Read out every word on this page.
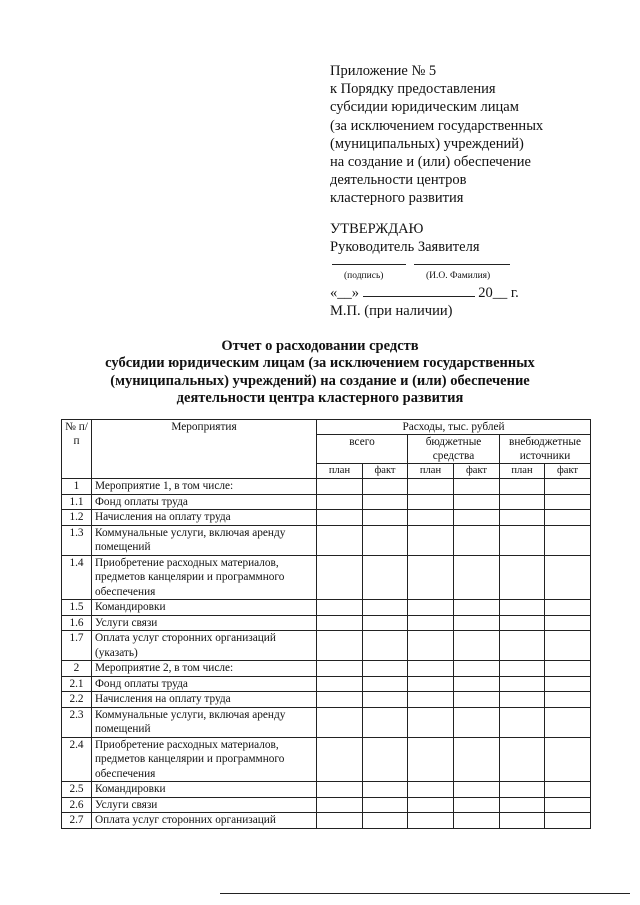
Приложение № 5
к Порядку предоставления
субсидии юридическим лицам
(за исключением государственных
(муниципальных) учреждений)
на создание и (или) обеспечение
деятельности центров
кластерного развития
УТВЕРЖДАЮ
Руководитель Заявителя
(подпись)	(И.О. Фамилия)
«__»	20__ г.
М.П. (при наличии)
Отчет о расходовании средств
субсидии юридическим лицам (за исключением государственных
(муниципальных) учреждений) на создание и (или) обеспечение
деятельности центра кластерного развития
№ п/п	Мероприятия	Расходы, тыс. рублей					
		всего		бюджетные средства		внебюджетные источники	
		план	факт	план	факт	план	факт
1	Мероприятие 1, в том числе:						
1.1	Фонд оплаты труда						
1.2	Начисления на оплату труда						
1.3	Коммунальные услуги, включая аренду помещений						
1.4	Приобретение расходных материалов, предметов канцелярии и программного обеспечения						
1.5	Командировки						
1.6	Услуги связи						
1.7	Оплата услуг сторонних организаций (указать)						
2	Мероприятие 2, в том числе:						
2.1	Фонд оплаты труда						
2.2	Начисления на оплату труда						
2.3	Коммунальные услуги, включая аренду помещений						
2.4	Приобретение расходных материалов, предметов канцелярии и программного обеспечения						
2.5	Командировки						
2.6	Услуги связи						
2.7	Оплата услуг сторонних организаций						
